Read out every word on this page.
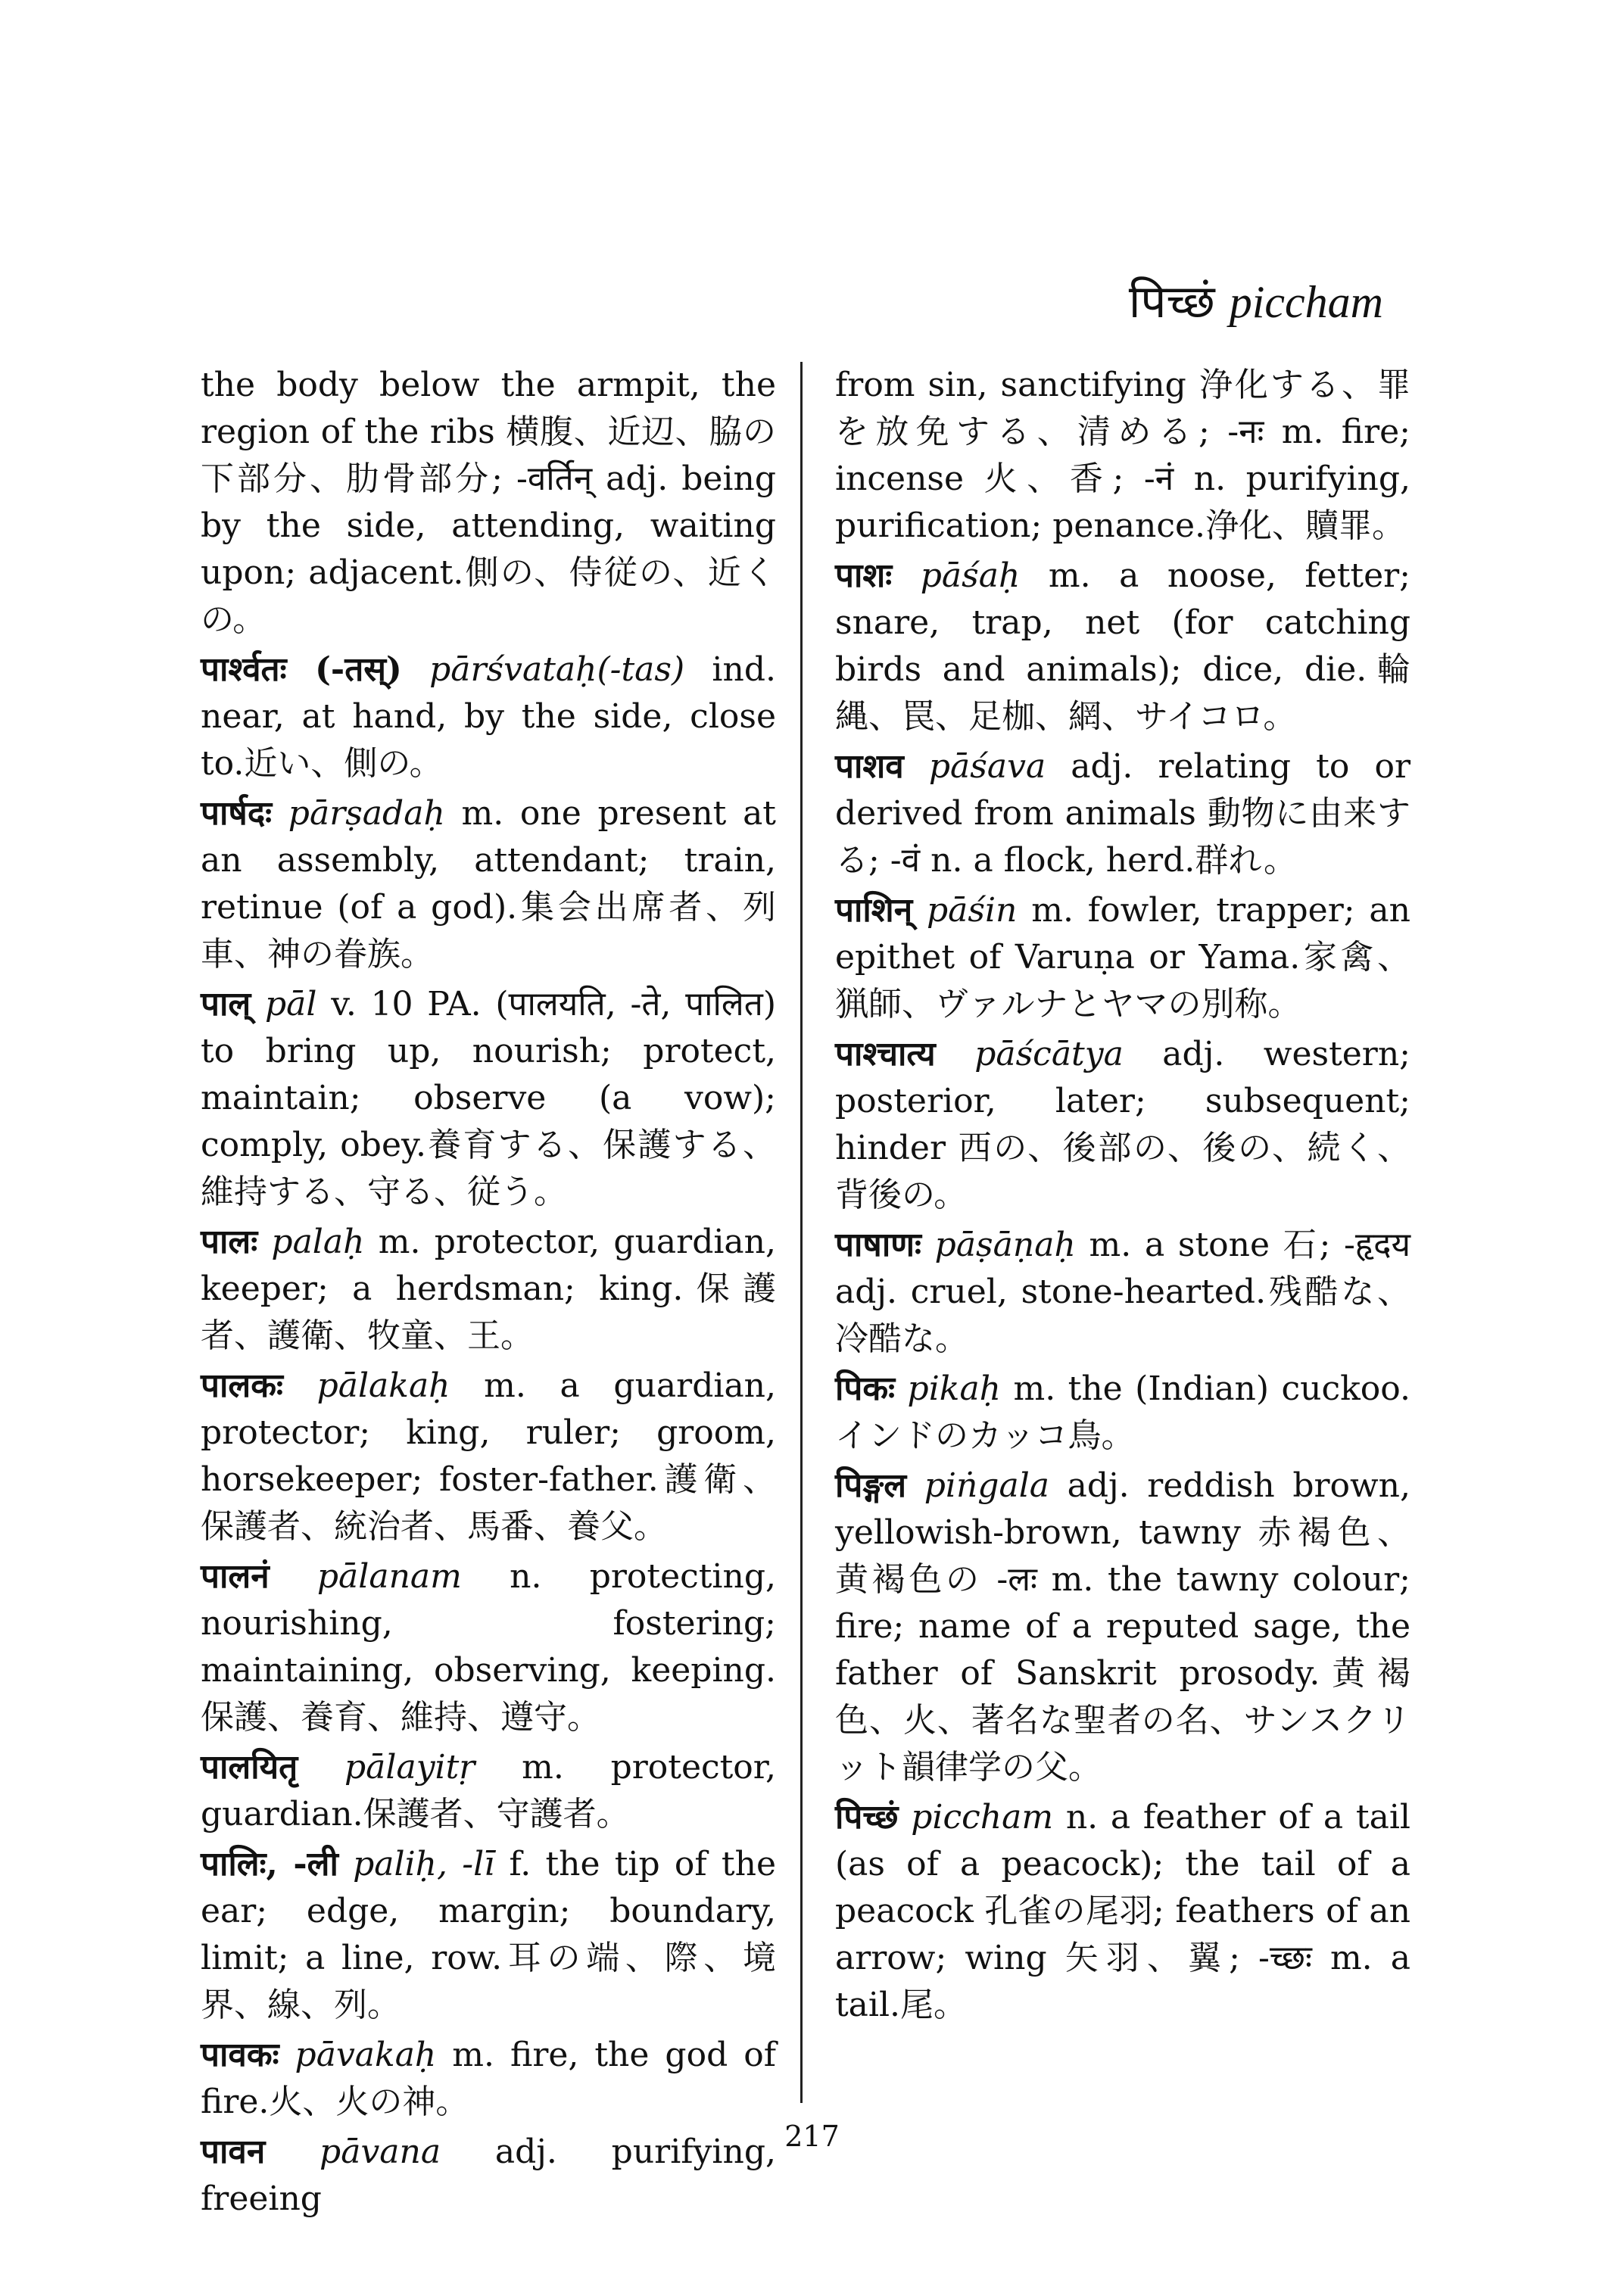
पिच्छं piccham

the body below the armpit, the region of the ribs 横腹、近辺、脇の下部分、肋骨部分; -वर्तिन् adj. being by the side, attending, waiting upon; adjacent.側の、侍従の、近くの。

पार्श्वतः (-तस्) pārśvataḥ(-tas) ind. near, at hand, by the side, close to.近い、側の。

पार्षदः pārṣadaḥ m. one present at an assembly, attendant; train, retinue (of a god).集会出席者、列車、神の眷族。

पाल् pāl v. 10 PA. (पालयति, -ते, पालित) to bring up, nourish; protect, maintain; observe (a vow); comply, obey.養育する、保護する、維持する、守る、従う。

पालः palaḥ m. protector, guardian, keeper; a herdsman; king.保護者、護衛、牧童、王。

पालकः pālakaḥ m. a guardian, protector; king, ruler; groom, horsekeeper; foster-father.護衛、保護者、統治者、馬番、養父。

पालनं pālanam n. protecting, nourishing, fostering; maintaining, observing, keeping.保護、養育、維持、遵守。

पालयितृ pālayitṛ m. protector, guardian.保護者、守護者。

पालिः, -ली paliḥ, -lī f. the tip of the ear; edge, margin; boundary, limit; a line, row.耳の端、際、境界、線、列。

पावकः pāvakaḥ m. fire, the god of fire.火、火の神。

पावन pāvana adj. purifying, freeing

from sin, sanctifying 浄化する、罪を放免する、清める; -नः m. fire; incense 火、香; -नं n. purifying, purification; penance.浄化、贖罪。

पाशः pāśaḥ m. a noose, fetter; snare, trap, net (for catching birds and animals); dice, die.輪縄、罠、足枷、網、サイコロ。

पाशव pāśava adj. relating to or derived from animals 動物に由来する; -वं n. a flock, herd.群れ。

पाशिन् pāśin m. fowler, trapper; an epithet of Varuṇa or Yama.家禽、猟師、ヴァルナとヤマの別称。

पाश्चात्य pāścātya adj. western; posterior, later; subsequent; hinder 西の、後部の、後の、続く、背後の。

पाषाणः pāṣāṇaḥ m. a stone 石; -हृदय adj. cruel, stone-hearted.残酷な、冷酷な。

पिकः pikaḥ m. the (Indian) cuckoo.インドのカッコ鳥。

पिङ्गल piṅgala adj. reddish brown, yellowish-brown, tawny 赤褐色、黄褐色の -लः m. the tawny colour; fire; name of a reputed sage, the father of Sanskrit prosody.黄褐色、火、著名な聖者の名、サンスクリット韻律学の父。

पिच्छं piccham n. a feather of a tail (as of a peacock); the tail of a peacock 孔雀の尾羽; feathers of an arrow; wing 矢羽、翼; -च्छः m. a tail.尾。

217
